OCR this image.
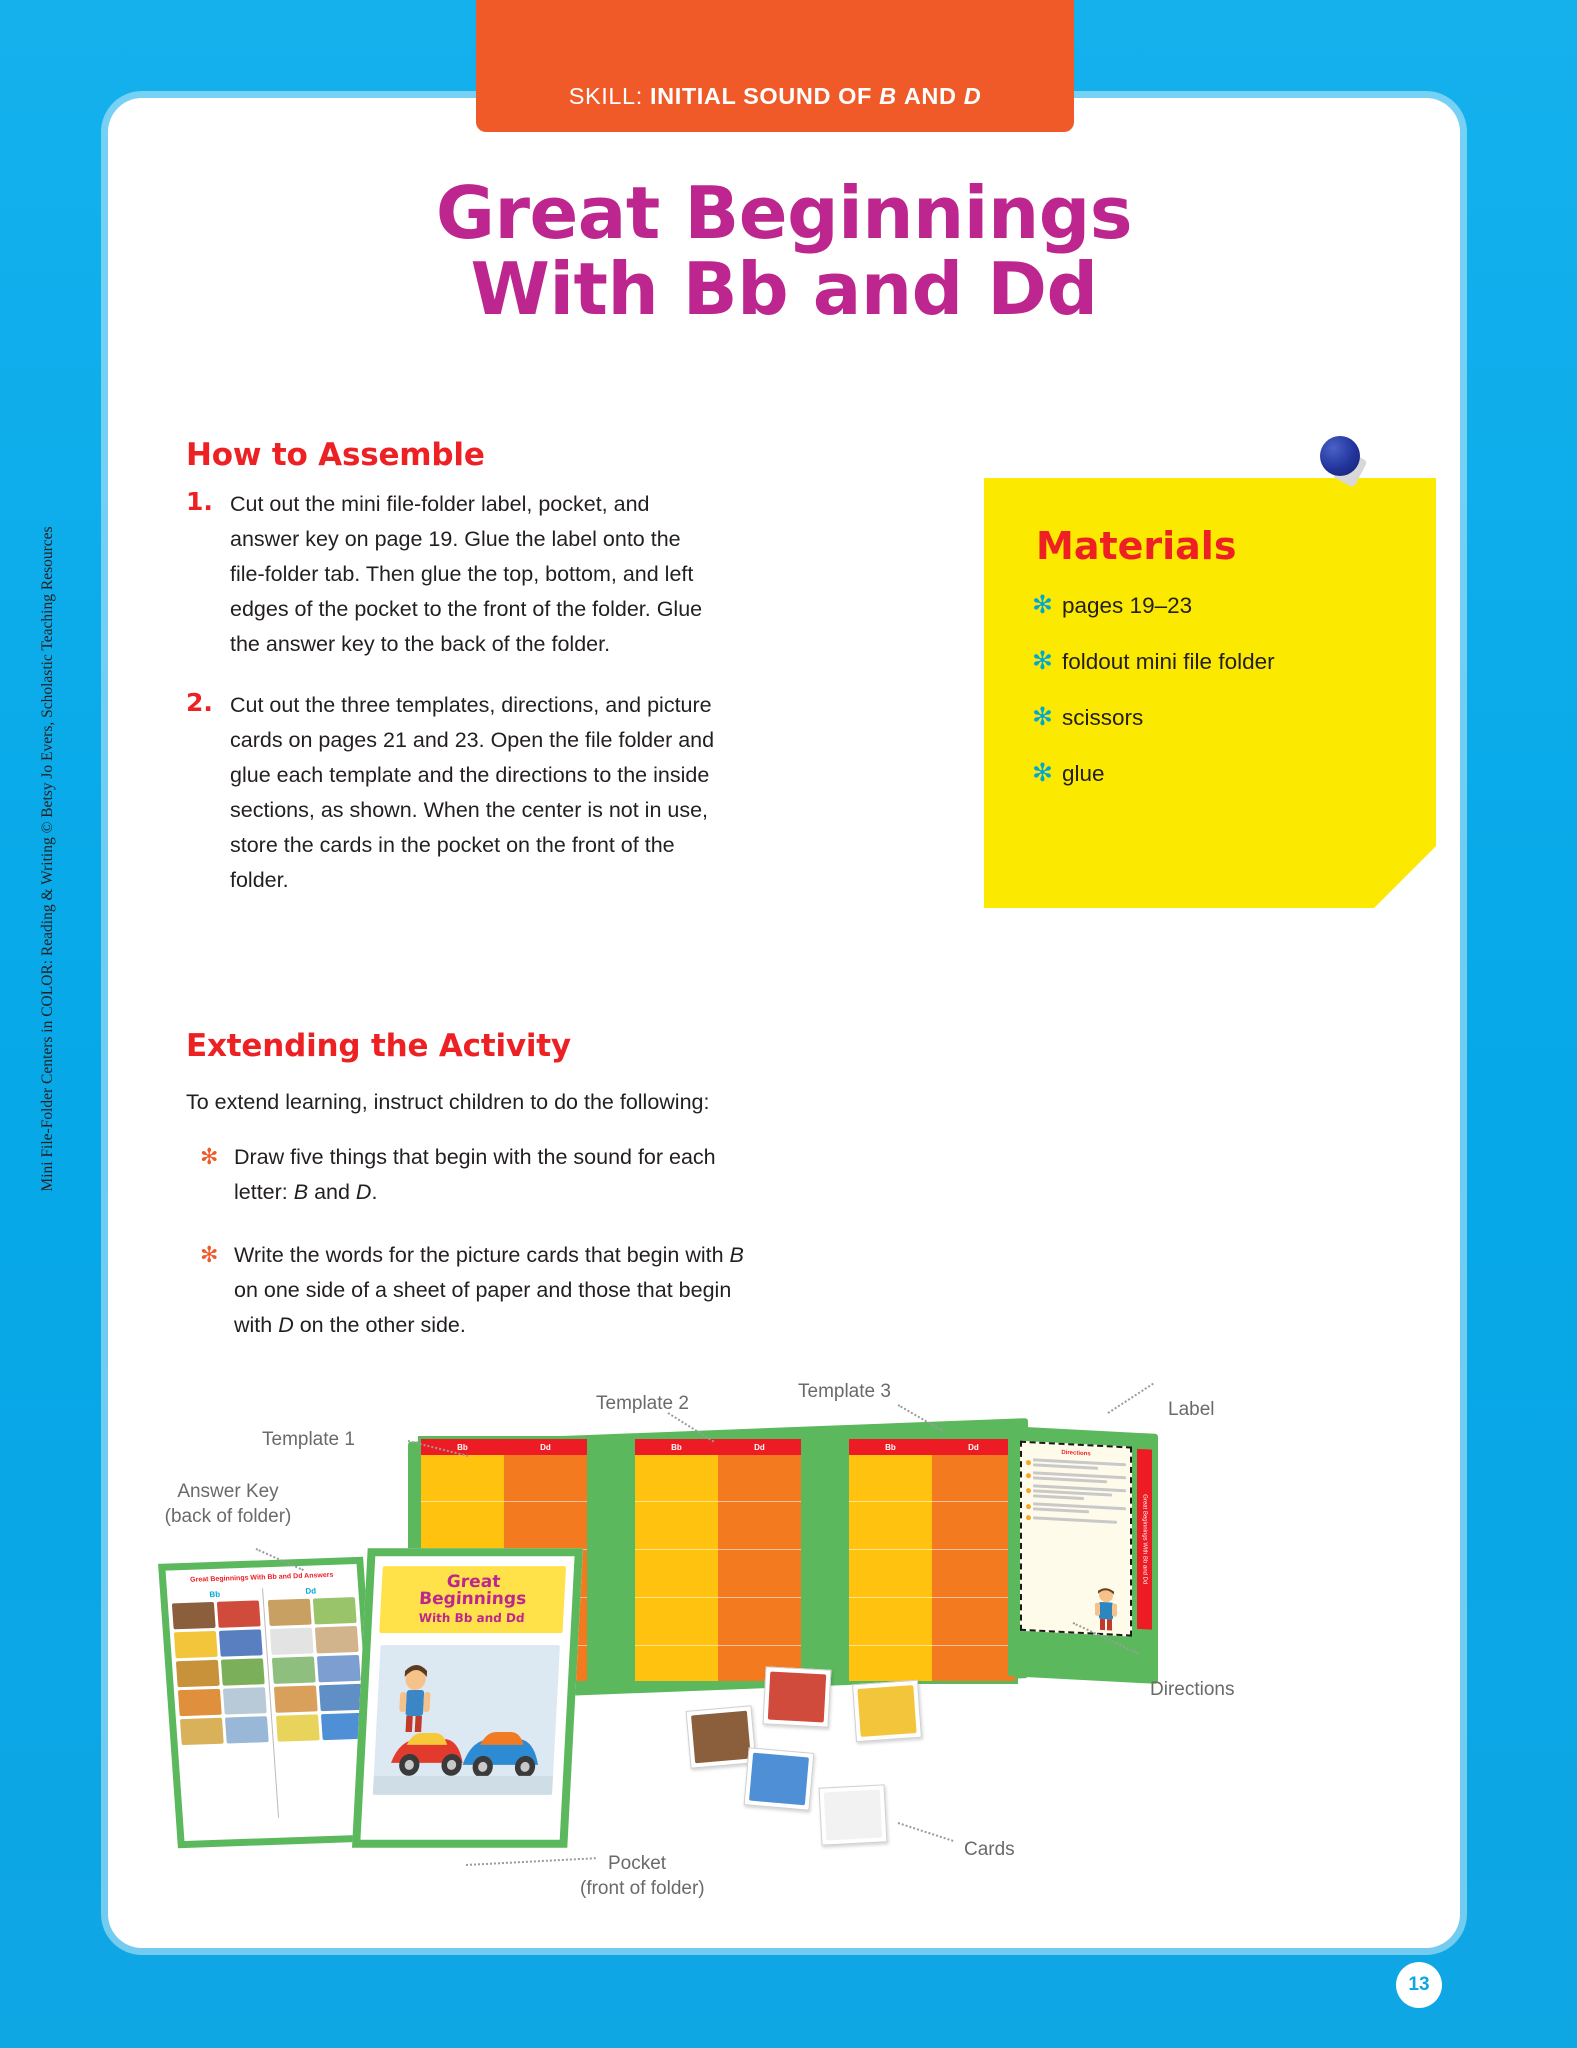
SKILL: INITIAL SOUND OF B AND D
Great Beginnings
With Bb and Dd
Mini File-Folder Centers in COLOR: Reading & Writing © Betsy Jo Evers, Scholastic Teaching Resources
How to Assemble
1. Cut out the mini file-folder label, pocket, and answer key on page 19. Glue the label onto the file-folder tab. Then glue the top, bottom, and left edges of the pocket to the front of the folder. Glue the answer key to the back of the folder.
2. Cut out the three templates, directions, and picture cards on pages 21 and 23. Open the file folder and glue each template and the directions to the inside sections, as shown. When the center is not in use, store the cards in the pocket on the front of the folder.
Materials
✻ pages 19–23
✻ foldout mini file folder
✻ scissors
✻ glue
Extending the Activity
To extend learning, instruct children to do the following:
✻ Draw five things that begin with the sound for each letter: B and D.
✻ Write the words for the picture cards that begin with B on one side of a sheet of paper and those that begin with D on the other side.
Bb	Dd	Bb	Dd	Bb	Dd
Directions
Great Beginnings With Bb and Dd
Great Beginnings With Bb and Dd Answers
Bb	Dd	Great
Beginnings
With Bb and Dd
Template 1
Template 2
Template 3
Label
Directions
Answer Key
(back of folder)
Pocket
(front of folder)
Cards
13
